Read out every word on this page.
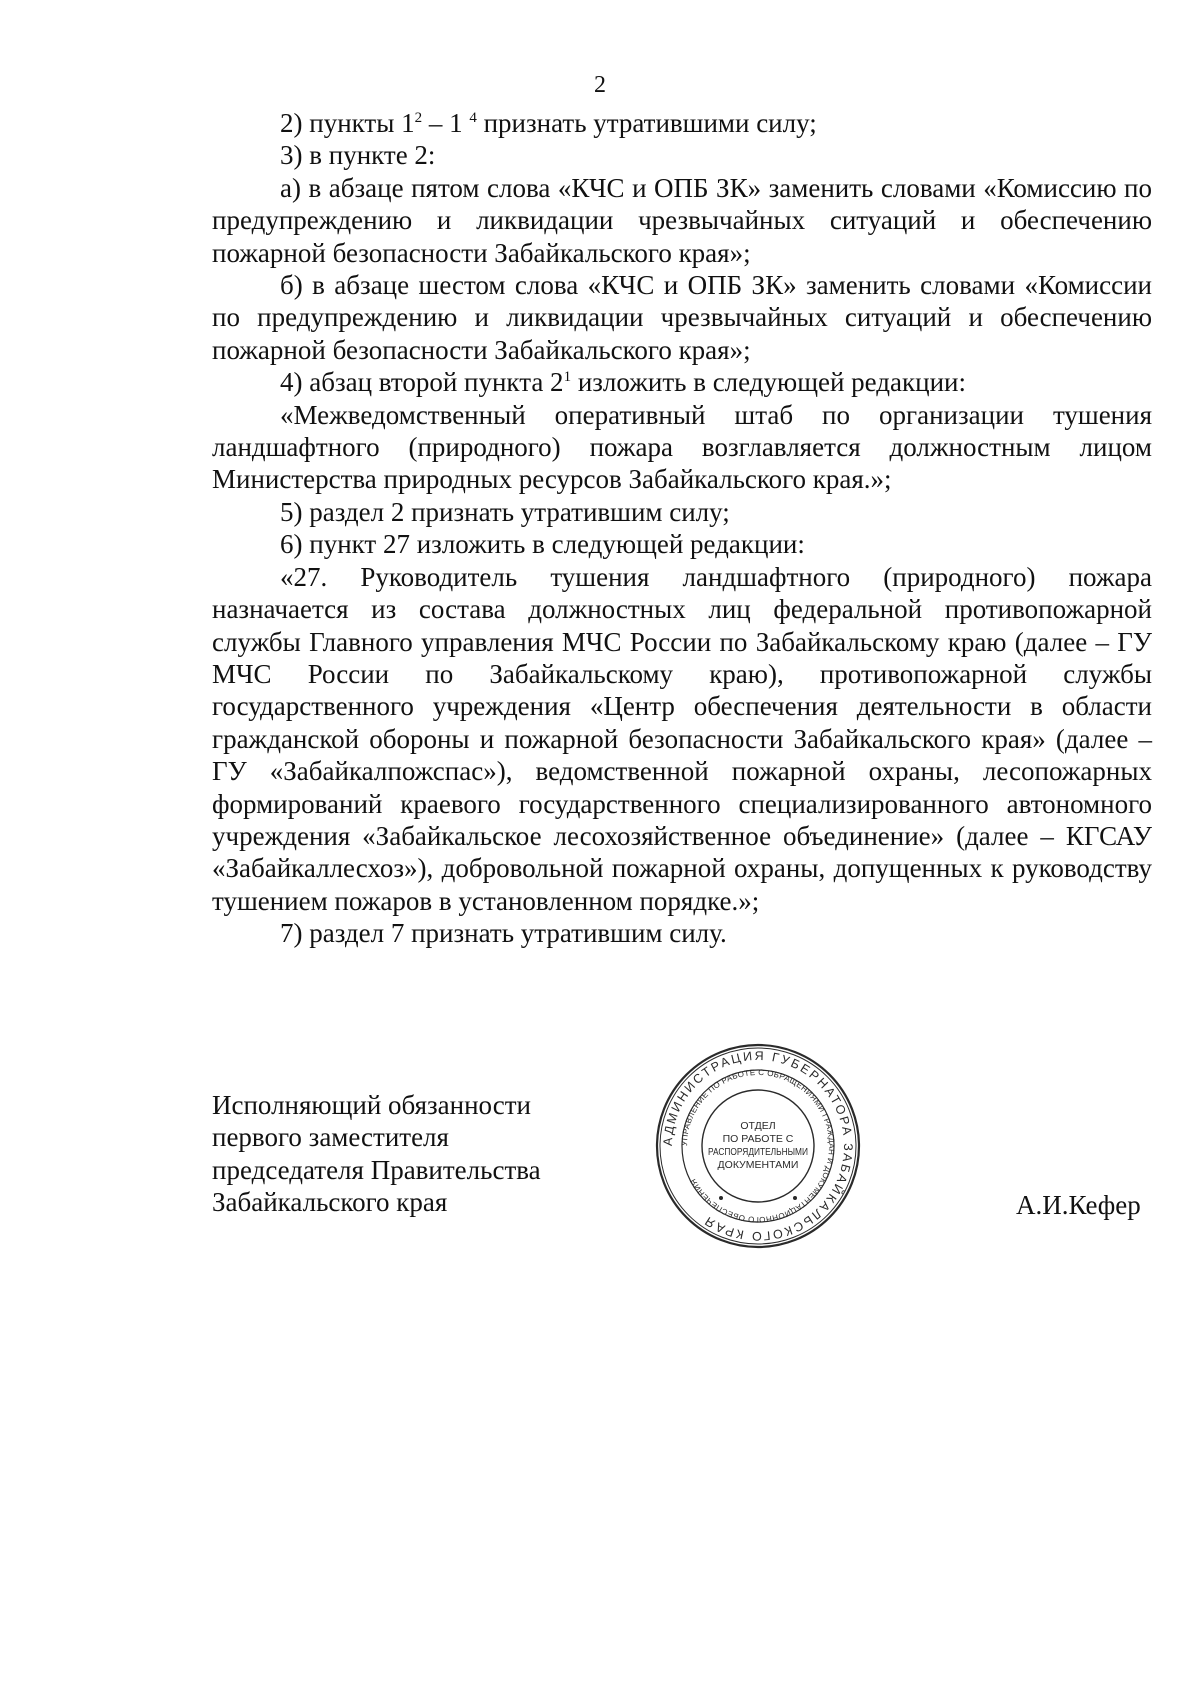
2

2) пункты $1^2 - 1$ $^4$ признать утратившими силу;

3) в пункте 2:

а) в абзаце пятом слова «КЧС и ОПБ ЗК» заменить словами «Комиссию по предупреждению и ликвидации чрезвычайных ситуаций и обеспечению пожарной безопасности Забайкальского края»;

б) в абзаце шестом слова «КЧС и ОПБ ЗК» заменить словами «Комиссии по предупреждению и ликвидации чрезвычайных ситуаций и обеспечению пожарной безопасности Забайкальского края»;

4) абзац второй пункта $2^1$ изложить в следующей редакции:

«Межведомственный оперативный штаб по организации тушения ландшафтного (природного) пожара возглавляется должностным лицом Министерства природных ресурсов Забайкальского края.»;

5) раздел 2 признать утратившим силу;

6) пункт 27 изложить в следующей редакции:

«27. Руководитель тушения ландшафтного (природного) пожара назначается из состава должностных лиц федеральной противопожарной службы Главного управления МЧС России по Забайкальскому краю (далее – ГУ МЧС России по Забайкальскому краю), противопожарной службы государственного учреждения «Центр обеспечения деятельности в области гражданской обороны и пожарной безопасности Забайкальского края» (далее – ГУ «Забайкалпожспас»), ведомственной пожарной охраны, лесопожарных формирований краевого государственного специализированного автономного учреждения «Забайкальское лесохозяйственное объединение» (далее – КГСАУ «Забайкаллесхоз»), добровольной пожарной охраны, допущенных к руководству тушением пожаров в установленном порядке.»;

7) раздел 7 признать утратившим силу.

Исполняющий обязанности
первого заместителя
председателя Правительства
Забайкальского края
АДМИНИСТРАЦИЯ ГУБЕРНАТОРА ЗАБАЙКАЛЬСКОГО КРАЯ
УПРАВЛЕНИЕ ПО РАБОТЕ С ОБРАЩЕНИЯМИ ГРАЖДАН И ДОКУМЕНТАЦИОННОГО ОБЕСПЕЧЕНИЯ
ОТДЕЛ
ПО РАБОТЕ С
РАСПОРЯДИТЕЛЬНЫМИ
ДОКУМЕНТАМИ
А.И.Кефер
